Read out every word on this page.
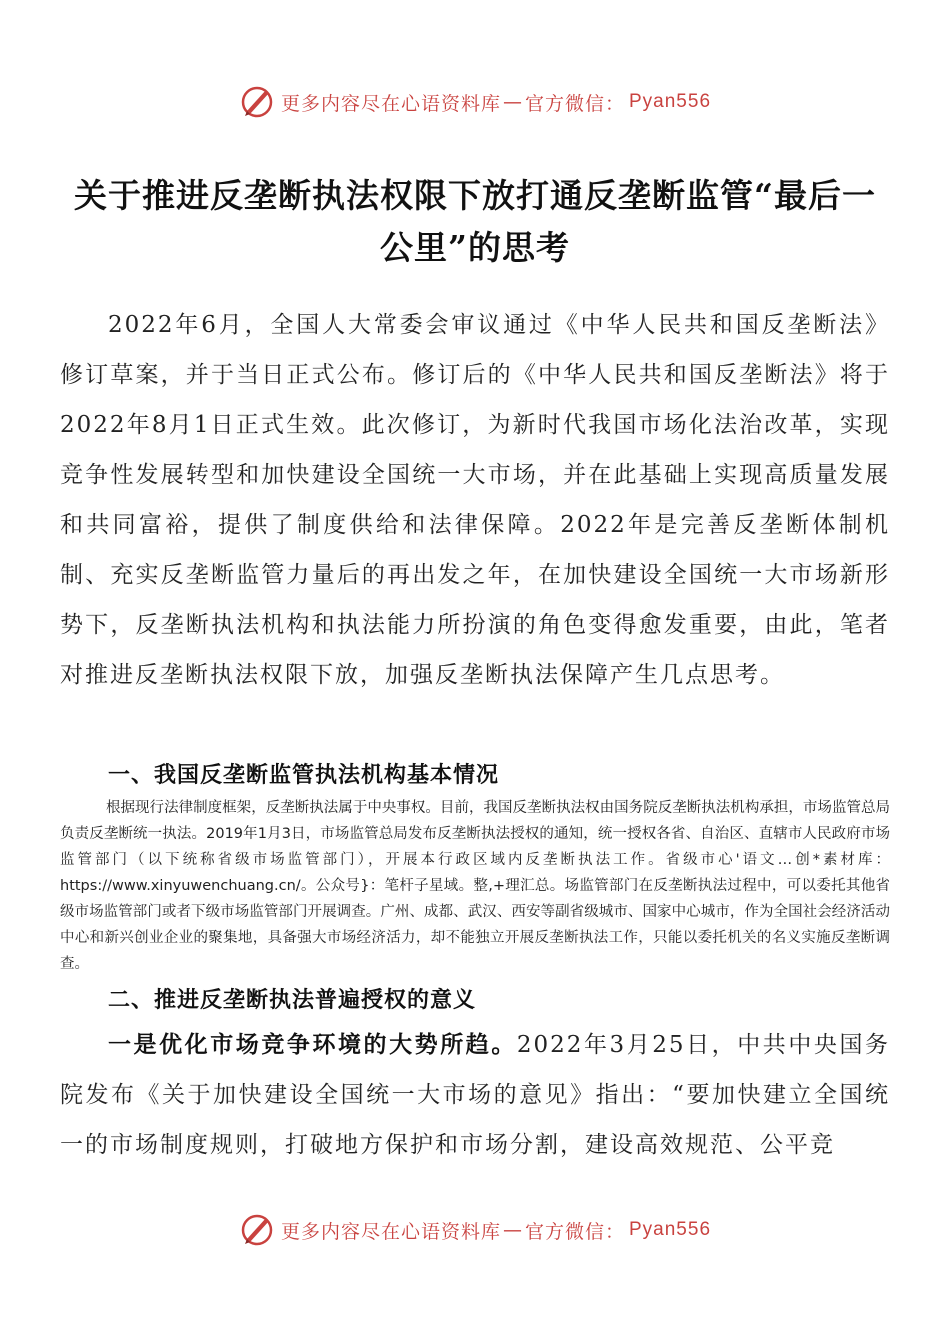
更多内容尽在心语资料库 — 官方微信： Pyan556
关于推进反垄断执法权限下放打通反垄断监管“最后一公里”的思考
2022年6月，全国人大常委会审议通过《中华人民共和国反垄断法》修订草案，并于当日正式公布。修订后的《中华人民共和国反垄断法》将于2022年8月1日正式生效。此次修订，为新时代我国市场化法治改革，实现竞争性发展转型和加快建设全国统一大市场，并在此基础上实现高质量发展和共同富裕，提供了制度供给和法律保障。2022年是完善反垄断体制机制、充实反垄断监管力量后的再出发之年，在加快建设全国统一大市场新形势下，反垄断执法机构和执法能力所扮演的角色变得愈发重要，由此，笔者对推进反垄断执法权限下放，加强反垄断执法保障产生几点思考。
一、我国反垄断监管执法机构基本情况
根据现行法律制度框架，反垄断执法属于中央事权。目前，我国反垄断执法权由国务院反垄断执法机构承担，市场监管总局负责反垄断统一执法。2019年1月3日，市场监管总局发布反垄断执法授权的通知，统一授权各省、自治区、直辖市人民政府市场监管部门（以下统称省级市场监管部门），开展本行政区域内反垄断执法工作。省级市心'语文…创*素材库：https://www.xinyuwenchuang.cn/。公众号}：笔杆子星域。整,+理汇总。场监管部门在反垄断执法过程中，可以委托其他省级市场监管部门或者下级市场监管部门开展调查。广州、成都、武汉、西安等副省级城市、国家中心城市，作为全国社会经济活动中心和新兴创业企业的聚集地，具备强大市场经济活力，却不能独立开展反垄断执法工作，只能以委托机关的名义实施反垄断调查。
二、推进反垄断执法普遍授权的意义
一是优化市场竞争环境的大势所趋。2022年3月25日，中共中央国务院发布《关于加快建设全国统一大市场的意见》指出：“要加快建立全国统一的市场制度规则，打破地方保护和市场分割，建设高效规范、公平竞
更多内容尽在心语资料库 — 官方微信： Pyan556
